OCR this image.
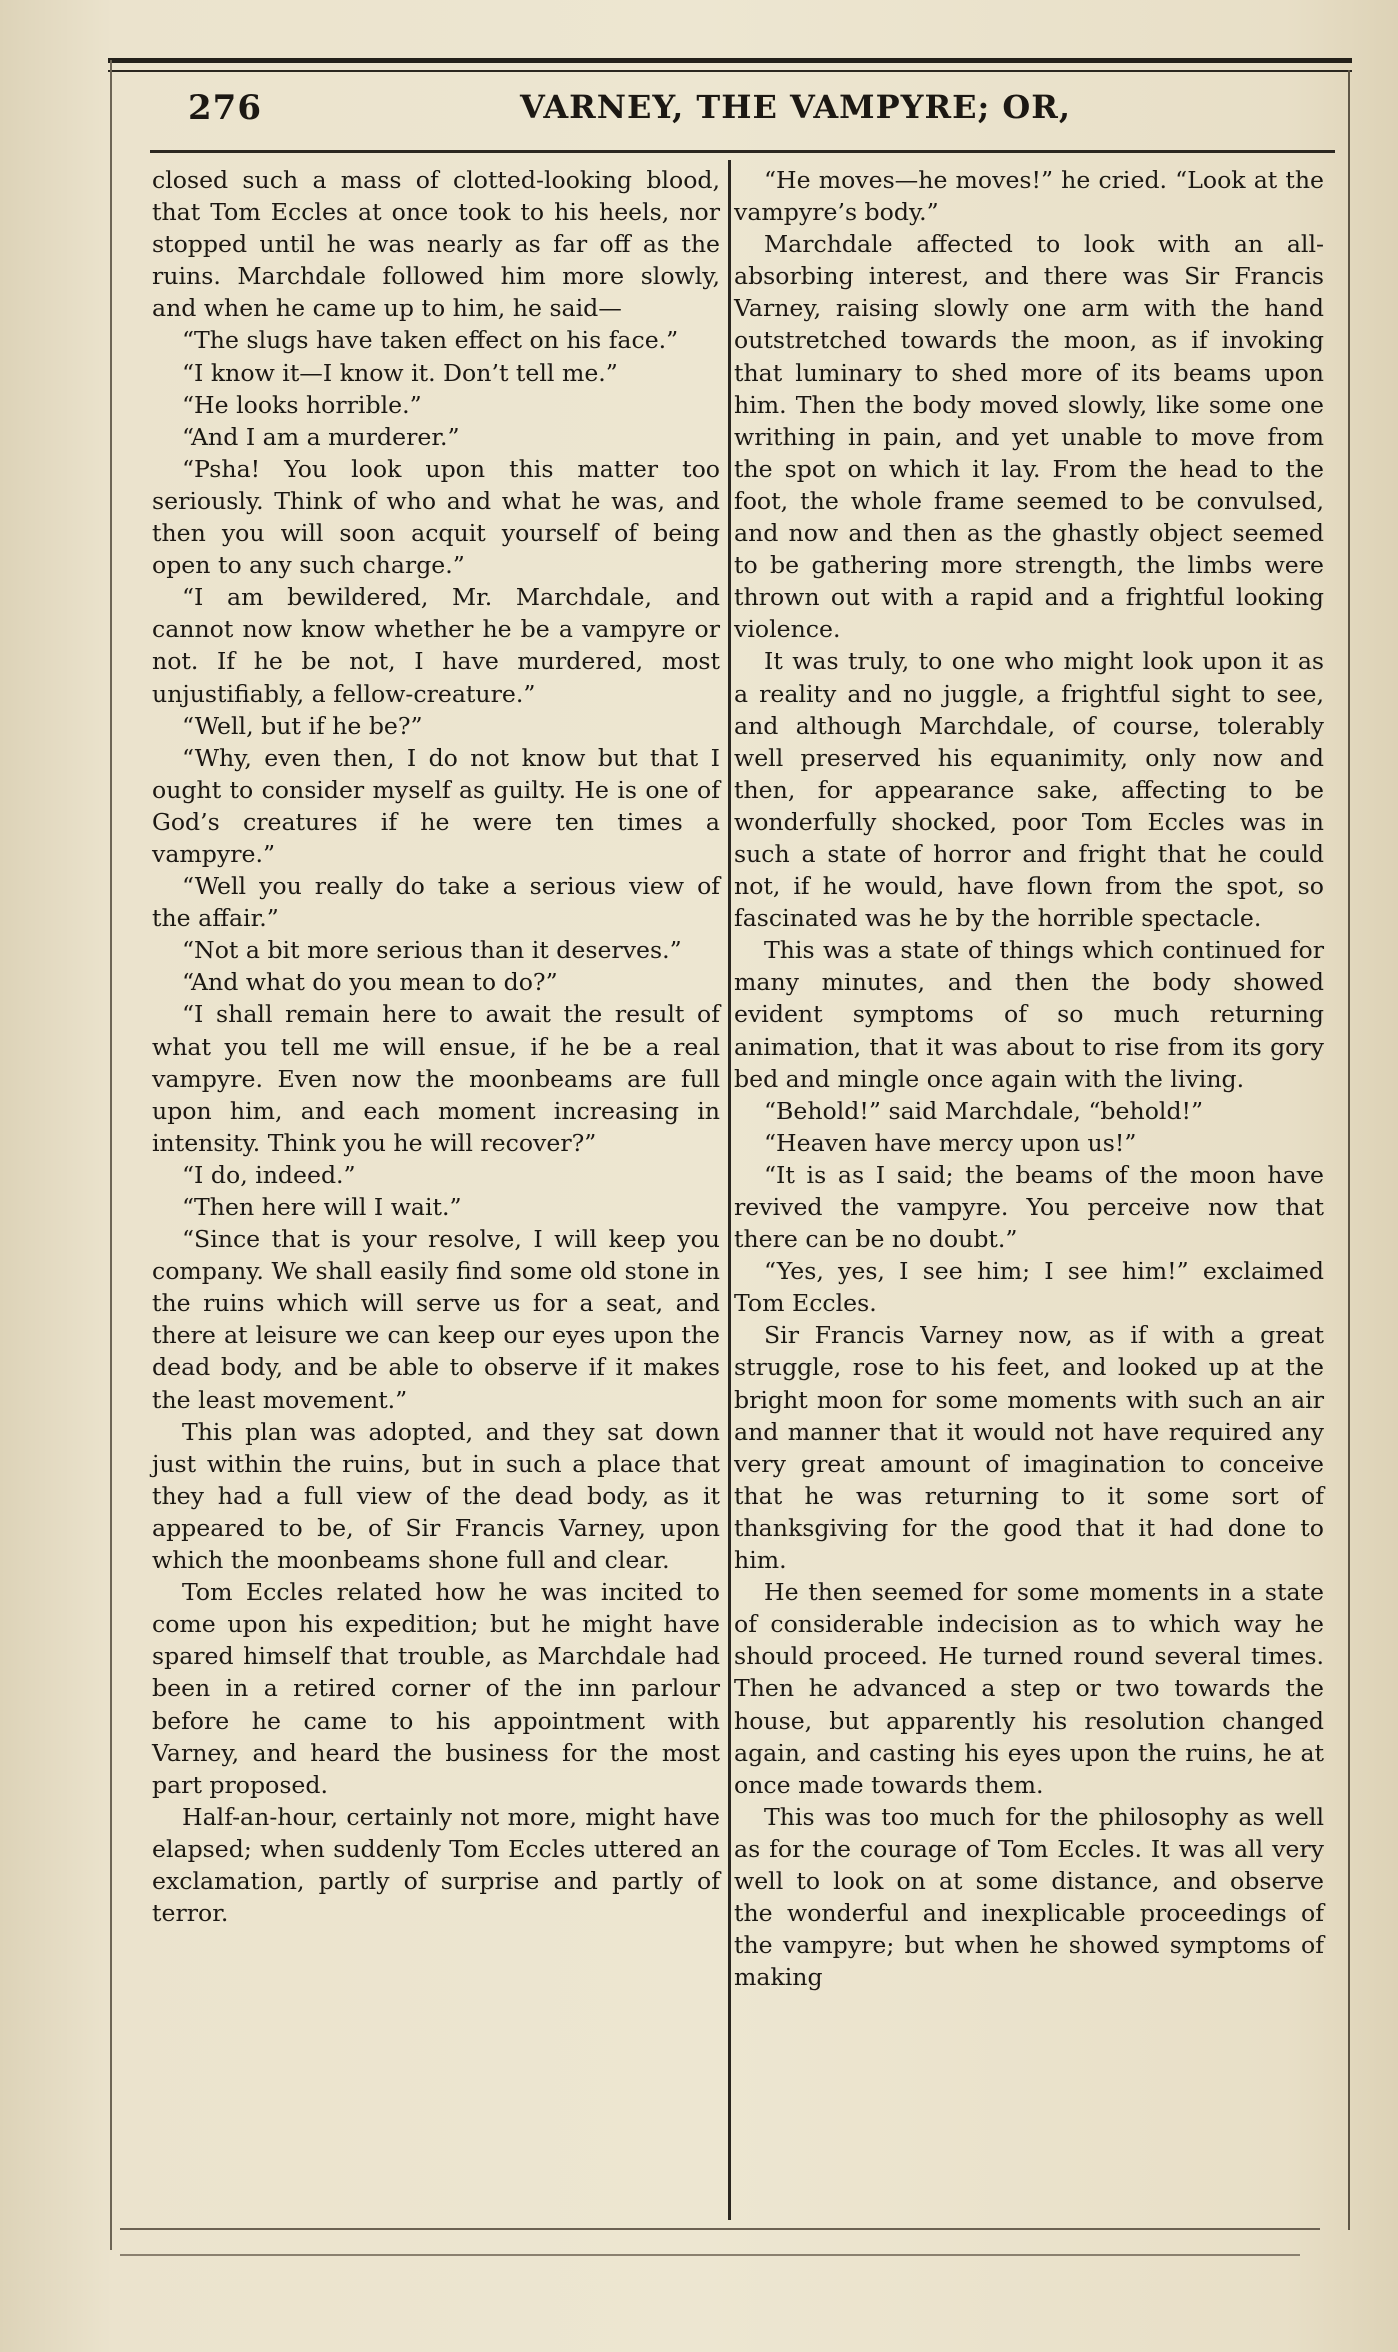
276	VARNEY, THE VAMPYRE; OR,

closed such a mass of clotted-looking blood, that Tom Eccles at once took to his heels, nor stopped until he was nearly as far off as the ruins. Marchdale followed him more slowly, and when he came up to him, he said—

“The slugs have taken effect on his face.”

“I know it—I know it. Don’t tell me.”

“He looks horrible.”

“And I am a murderer.”

“Psha! You look upon this matter too seriously. Think of who and what he was, and then you will soon acquit yourself of being open to any such charge.”

“I am bewildered, Mr. Marchdale, and cannot now know whether he be a vampyre or not. If he be not, I have murdered, most unjustifiably, a fellow-creature.”

“Well, but if he be?”

“Why, even then, I do not know but that I ought to consider myself as guilty. He is one of God’s creatures if he were ten times a vampyre.”

“Well you really do take a serious view of the affair.”

“Not a bit more serious than it deserves.”

“And what do you mean to do?”

“I shall remain here to await the result of what you tell me will ensue, if he be a real vampyre. Even now the moonbeams are full upon him, and each moment increasing in intensity. Think you he will recover?”

“I do, indeed.”

“Then here will I wait.”

“Since that is your resolve, I will keep you company. We shall easily find some old stone in the ruins which will serve us for a seat, and there at leisure we can keep our eyes upon the dead body, and be able to observe if it makes the least movement.”

This plan was adopted, and they sat down just within the ruins, but in such a place that they had a full view of the dead body, as it appeared to be, of Sir Francis Varney, upon which the moonbeams shone full and clear.

Tom Eccles related how he was incited to come upon his expedition; but he might have spared himself that trouble, as Marchdale had been in a retired corner of the inn parlour before he came to his appointment with Varney, and heard the business for the most part proposed.

Half-an-hour, certainly not more, might have elapsed; when suddenly Tom Eccles uttered an exclamation, partly of surprise and partly of terror.

“He moves—he moves!” he cried. “Look at the vampyre’s body.”

Marchdale affected to look with an all-absorbing interest, and there was Sir Francis Varney, raising slowly one arm with the hand outstretched towards the moon, as if invoking that luminary to shed more of its beams upon him. Then the body moved slowly, like some one writhing in pain, and yet unable to move from the spot on which it lay. From the head to the foot, the whole frame seemed to be convulsed, and now and then as the ghastly object seemed to be gathering more strength, the limbs were thrown out with a rapid and a frightful looking violence.

It was truly, to one who might look upon it as a reality and no juggle, a frightful sight to see, and although Marchdale, of course, tolerably well preserved his equanimity, only now and then, for appearance sake, affecting to be wonderfully shocked, poor Tom Eccles was in such a state of horror and fright that he could not, if he would, have flown from the spot, so fascinated was he by the horrible spectacle.

This was a state of things which continued for many minutes, and then the body showed evident symptoms of so much returning animation, that it was about to rise from its gory bed and mingle once again with the living.

“Behold!” said Marchdale, “behold!”

“Heaven have mercy upon us!”

“It is as I said; the beams of the moon have revived the vampyre. You perceive now that there can be no doubt.”

“Yes, yes, I see him; I see him!” exclaimed Tom Eccles.

Sir Francis Varney now, as if with a great struggle, rose to his feet, and looked up at the bright moon for some moments with such an air and manner that it would not have required any very great amount of imagination to conceive that he was returning to it some sort of thanksgiving for the good that it had done to him.

He then seemed for some moments in a state of considerable indecision as to which way he should proceed. He turned round several times. Then he advanced a step or two towards the house, but apparently his resolution changed again, and casting his eyes upon the ruins, he at once made towards them.

This was too much for the philosophy as well as for the courage of Tom Eccles. It was all very well to look on at some distance, and observe the wonderful and inexplicable proceedings of the vampyre; but when he showed symptoms of making
